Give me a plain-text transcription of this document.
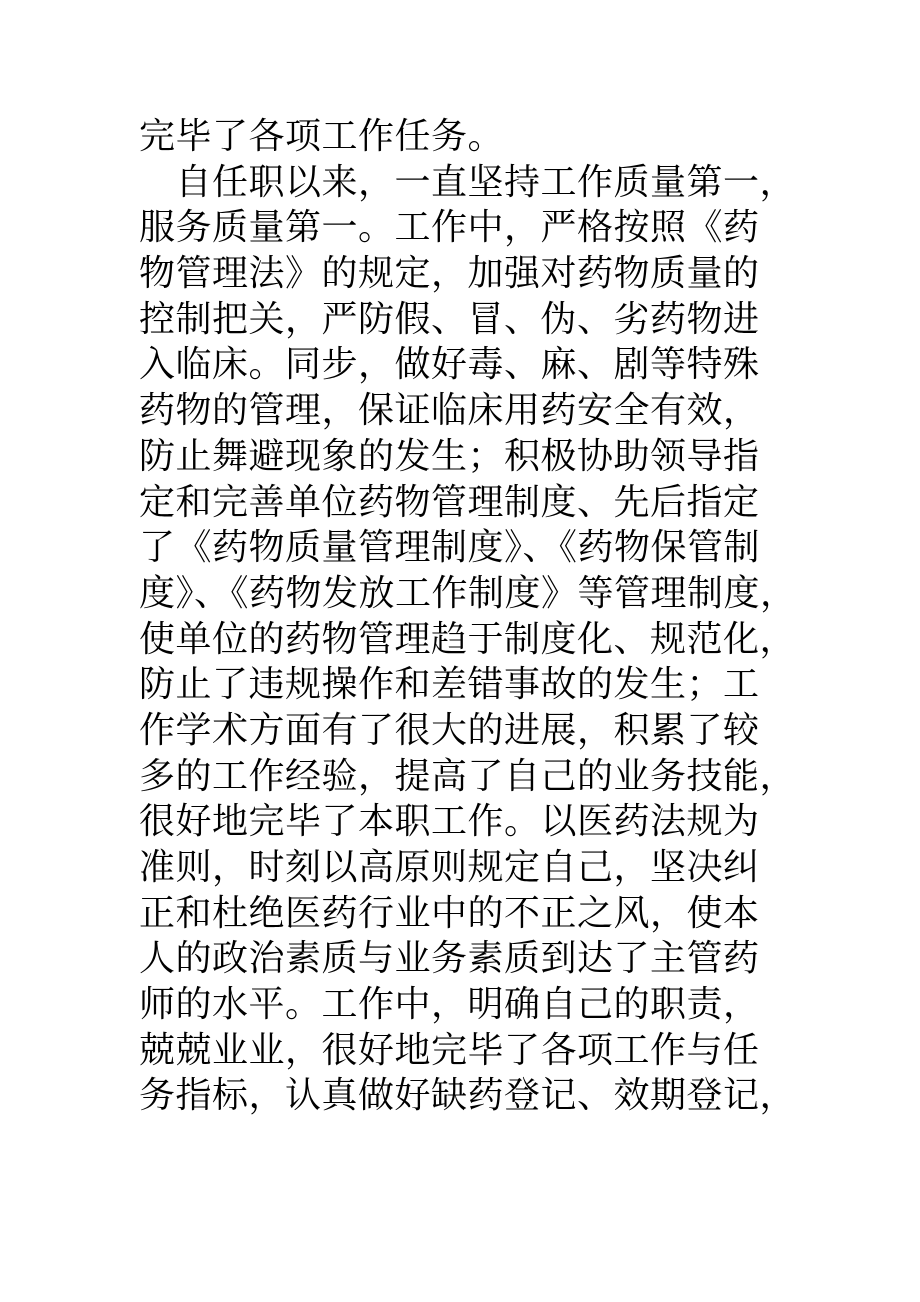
完毕了各项工作任务。
　自任职以来，一直坚持工作质量第一，
服务质量第一。工作中，严格按照《药
物管理法》的规定，加强对药物质量的
控制把关，严防假、冒、伪、劣药物进
入临床。同步，做好毒、麻、剧等特殊
药物的管理，保证临床用药安全有效，
防止舞避现象的发生；积极协助领导指
定和完善单位药物管理制度、先后指定
了《药物质量管理制度》、《药物保管制
度》、《药物发放工作制度》等管理制度，
使单位的药物管理趋于制度化、规范化，
防止了违规操作和差错事故的发生；工
作学术方面有了很大的进展，积累了较
多的工作经验，提高了自己的业务技能，
很好地完毕了本职工作。以医药法规为
准则，时刻以高原则规定自己，坚决纠
正和杜绝医药行业中的不正之风，使本
人的政治素质与业务素质到达了主管药
师的水平。工作中，明确自己的职责，
兢兢业业，很好地完毕了各项工作与任
务指标，认真做好缺药登记、效期登记，
